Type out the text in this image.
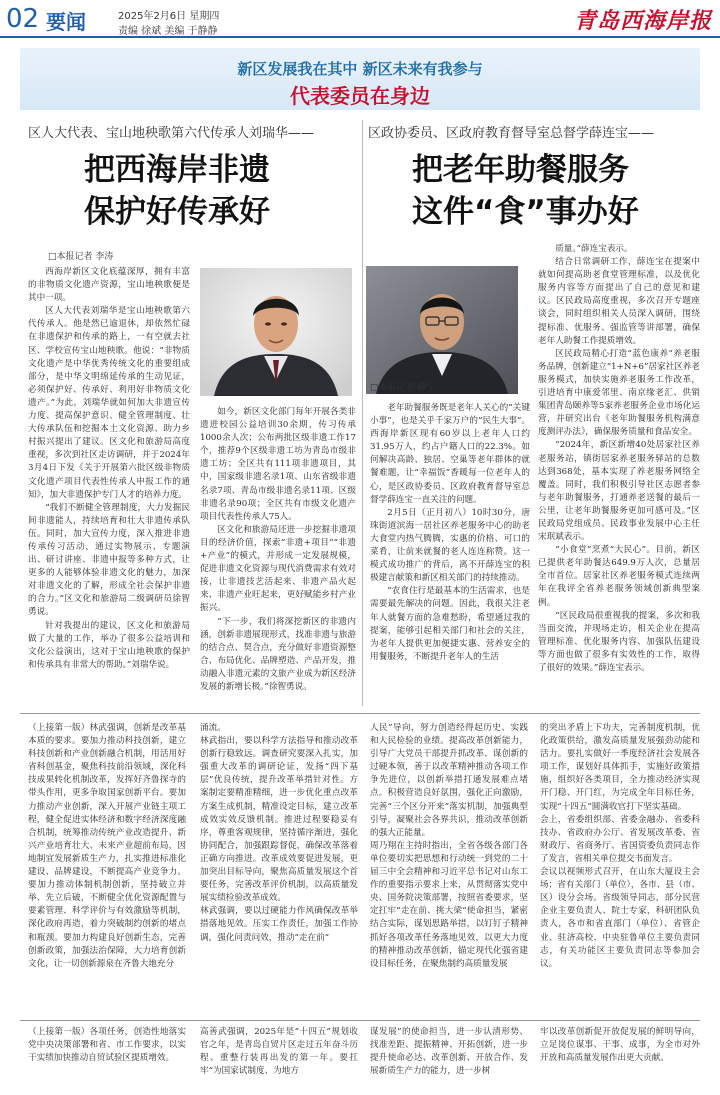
02 要闻	2025年2月6日 星期四
责编 徐斌 美编 于静静	青岛西海岸报
新区发展我在其中 新区未来有我参与
代表委员在身边
区人大代表、宝山地秧歌第六代传承人刘瑞华——
把西海岸非遗
保护好传承好
□本报记者 李涛

西海岸新区文化底蕴深厚，拥有丰富的非物质文化遗产资源，宝山地秧歌便是其中一项。

区人大代表刘瑞华是宝山地秧歌第六代传承人。他是然已逾退休，却依然忙碌在非遗保护和传承的路上，一有空就去社区、学校宣传宝山地秧歌。他说：“非物质文化遗产是中华优秀传统文化的重要组成部分，是中华文明绵延传承的生动见证，必须保护好、传承好、利用好非物质文化遗产。”为此，刘瑞华就如何加大非遗宣传力度、提高保护意识、健全管理制度、壮大传承队伍和挖掘本土文化资源、助力乡村振兴提出了建议。区文化和旅游局高度重视，多次到社区走访调研，并于2024年3月4日下发《关于开展第六批区级非物质文化遗产项目代表性传承人申报工作的通知》，加大非遗保护专门人才的培养力度。

“我们不断健全管理制度，大力发掘民间非遗能人，持续培育和壮大非遗传承队伍。同时，加大宣传力度，深入推进非遗传承传习活动，通过实物展示、专题演出、研讨讲座、非遗申报等多种方式，让更多的人能够体验非遗文化的魅力，加深对非遗文化的了解，形成全社会保护非遗的合力。”区文化和旅游局二级调研员徐智勇说。

针对我提出的建议，区文化和旅游局做了大量的工作，举办了很多公益培训和文化公益演出，这对于宝山地秧歌的保护和传承具有非常大的帮助。”刘瑞华说。

如今，新区文化部门每年开展各类非遗进校园公益培训30余期，传习传承1000余人次；公布两批区级非遗工作17个，推荐9个区级非遗工坊为青岛市级非遗工坊；全区共有111项非遗项目，其中，国家级非遗名录1项、山东省级非遗名录7项、青岛市级非遗名录11项、区级非遗名录90项；全区共有市级文化遗产项目代表性传承人75人。

区文化和旅游局还进一步挖掘非遗项目的经济价值，探索“非遗+项目”“非遗+产业”的模式，并形成一定发展规模，促进非遗文化资源与现代消费需求有效对接，让非遗技艺活起来、非遗产品火起来、非遗产业旺起来，更好赋能乡村产业振兴。

“下一步，我们将深挖新区的非遗内涵，创新非遗展现形式，找准非遗与旅游的结合点、契合点，充分做好非遗资源整合、布局优化、品牌塑造、产品开发，推动融入非遗元素的文旅产业成为新区经济发展的新增长极。”徐智勇说。

区政协委员、区政府教育督导室总督学薛连宝——
把老年助餐服务
这件“食”事办好
□本报记者 薛宁

老年助餐服务既是老年人关心的“关键小事”，也是关乎千家万户的“民生大事”。西海岸新区现有60岁以上老年人口约31.95万人，约占户籍人口的22.3%。如何解决高龄、独居、空巢等老年群体的就餐难题，让“幸福饭”香暖每一位老年人的心，是区政协委员、区政府教育督导室总督学薛连宝一直关注的问题。

2月5日（正月初八）10时30分，唐珠街道滨海一居社区养老服务中心的助老大食堂内热气腾腾，实惠的价格、可口的菜肴，让前来就餐的老人连连称赞。这一模式成功推广的背后，离不开薛连宝的积极建言献策和新区相关部门的持续推动。

“农食住行是最基本的生活需求，也是需要最先解决的问题。因此，我很关注老年人就餐方面的急难愁盼，希望通过我的提案，能够引起相关部门和社会的关注，为老年人提供更加便捷实惠、营养安全的用餐服务，不断提升老年人的生活

质量。”薛连宝表示。

结合日常调研工作，薛连宝在提案中就如何提高助老食堂管理标准，以及优化服务内容等方面提出了自己的意见和建议。区民政局高度重视，多次召开专题座谈会，同时组织相关人员深入调研，围绕提标准、优服务、强监管等讲部署，确保老年人助餐工作提质增效。

区民政局精心打造“蓝色康养”养老服务品牌，创新建立“1+N+6”居家社区养老服务模式，加快实施养老服务工作改革，引进培育中康爱邻里、南京缘老汇、供销集团青岛颐养等5家养老服务企业市场化运营，并研究出台《老年助餐服务机构满意度测评办法》，确保服务质量和食品安全。

“2024年，新区新增40处居家社区养老服务站，镇街居家养老服务驿站的总数达到368处，基本实现了养老服务网络全覆盖。同时，我们积极引导社区志愿者参与老年助餐服务，打通养老送餐的最后一公里，让老年助餐服务更加可感可及。”区民政局党组成员、民政事业发展中心主任宋珉斌表示。

“小食堂”烹煮“大民心”。目前，新区已提供老年助餐达649.9万人次，总量居全市首位。居家社区养老服务模式连续两年在我评全省养老服务领域创新典型案例。

“区民政局很重视我的提案，多次和我当面交流，并现场走访，相关企业在提高管理标准、优化服务内容、加强队伍建设等方面也做了很多有实效性的工作，取得了很好的效果。”薛连宝表示。

（上接第一版）林武强调，创新是改革基本质的要求。要加力推动科技创新，建立科技创新和产业创新融合机制，用活用好省科创基金，聚焦科技前沿领域，深化科技成果转化机制改革，发挥好齐鲁探寺的带头作用，更多争取国家创新平台。要加力推动产业创新，深入开展产业链主项工程，健全促进实体经济和数字经济深度融合机制，统筹推动传统产业改造提升、新兴产业培育壮大、未来产业超前布局，因地制宜发展新质生产力，扎实推进标准化建设、品牌建设，不断提高产业竞争力。要加力推动体制机制创新，坚持破立并举、先立后破，不断健全优化资源配置与要素管理、科学评价与有效激励等机制，深化政府再造，着力突破制约创新的堵点和瓶颈。要加力构建良好创新生态，完善创新政策，加强法治保障，大力培育创新文化，让一切创新源泉在齐鲁大地充分
涌流。
林武指出，要以科学方法指导和推动改革创新行稳致远。调查研究要深入扎实，加强重大改革的调研论证，发扬“四下基层”优良传统，提升改革举措针对性。方案制定要精准精细，进一步优化重点改革方案生成机制，精准设定目标，建立改革成效实效反馈机制。推进过程要稳妥有序，尊重客观规律，坚持循序渐进，强化协同配合，加强跟踪督促，确保改革落着正确方向推进。改革成效要促进发展，更加突出目标导向，聚焦高质量发展这个首要任务，完善改革评价机制，以高质量发展实绩检验改革成效。
林武强调，要以过硬能力作风确保改革举措落地见效。压实工作责任，加强工作协调，强化问责问效，推动“走在前”
人民”导向，努力创造经得起历史、实践和人民检验的业绩。提高改革创新能力，引导广大党员干部提升抓改革、谋创新的过硬本领，善于以改革精神推动各项工作争先进位，以创新举措打通发展难点堵点。积极营造良好氛围，强化正向激励，完善“三个区分开来”落实机制，加强典型引导，凝聚社会各界共识，推动改革创新的强大正能量。
周乃翔在主持时指出，全省各级各部门各单位要切实把思想和行动统一到党的二十届三中全会精神和习近平总书记对山东工作的重要指示要求上来，从贯彻落实党中央、国务院决策部署，按照省委要求，坚定扛牢“走在前、挑大梁”使命担当，紧密结合实际，谋划思路举措，以钉钉子精神抓好各项改革任务落地见效，以更大力度的精神推动改革创新，锚定现代化强省建设目标任务，在聚焦制约高质量发展
的突出矛盾上下功夫，完善制度机制，优化政策供给，激发高质量发展强劲动能和活力。要扎实做好一季度经济社会发展各项工作，谋划好具体抓手，实施好政策措施，组织好各类项目，全力推动经济实现开门稳、开门红，为完成全年目标任务，实现“十四五”圆满收官打下坚实基础。
会上，省委组织部、省委金融办、省委科技办、省政府办公厅、省发展改革委、省财政厅、省商务厅、省国资委负责同志作了发言，省相关单位提交书面发言。
会议以视频形式召开，在山东大厦设主会场；省有关部门（单位），各市、县（市、区）设分会场。省级领导同志，部分民营企业主要负责人、院士专家，科研团队负责人，各市和省直部门（单位）、省管企业、驻济高校、中央驻鲁单位主要负责同志，有关功能区主要负责同志等参加会议。
（上接第一版）各项任务，创造性地落实党中央决策部署和省、市工作要求，以实干实绩加快推动自贸试验区提质增效。
高善武强调，2025年是“十四五”规划收官之年，是青岛自贸片区走过五年奋斗历程、重整行装再出发的第一年。要扛牢“为国家试制度、为地方
谋发展”的使命担当，进一步认清形势、找准差距、提振精神、开拓创新，进一步提升使命必达、改革创新、开放合作、发展新质生产力的能力，进一步树
牢以改革创新促开放促发展的鲜明导向，立足岗位谋事、干事、成事，为全市对外开放和高质量发展作出更大贡献。
